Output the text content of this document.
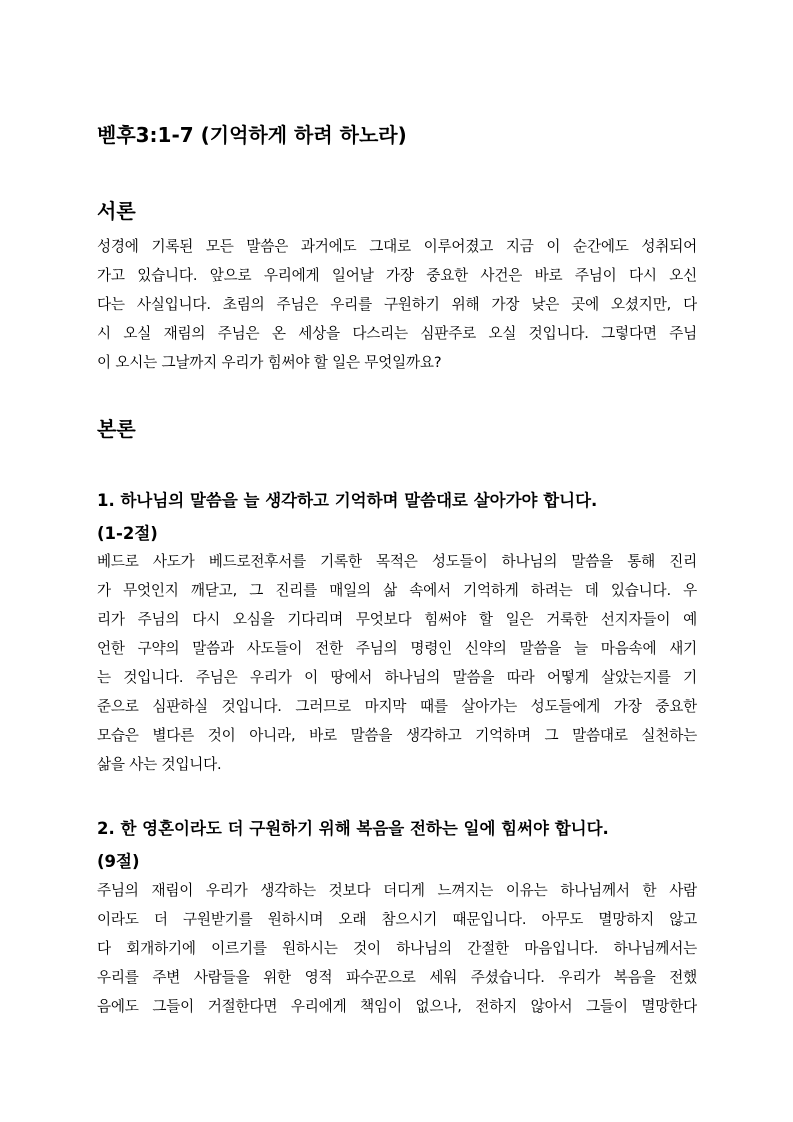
벧후3:1-7 (기억하게 하려 하노라)
서론
성경에 기록된 모든 말씀은 과거에도 그대로 이루어졌고 지금 이 순간에도 성취되어
가고 있습니다. 앞으로 우리에게 일어날 가장 중요한 사건은 바로 주님이 다시 오신
다는 사실입니다. 초림의 주님은 우리를 구원하기 위해 가장 낮은 곳에 오셨지만, 다
시 오실 재림의 주님은 온 세상을 다스리는 심판주로 오실 것입니다. 그렇다면 주님
이 오시는 그날까지 우리가 힘써야 할 일은 무엇일까요?
본론
1. 하나님의 말씀을 늘 생각하고 기억하며 말씀대로 살아가야 합니다.
(1-2절)
베드로 사도가 베드로전후서를 기록한 목적은 성도들이 하나님의 말씀을 통해 진리
가 무엇인지 깨닫고, 그 진리를 매일의 삶 속에서 기억하게 하려는 데 있습니다. 우
리가 주님의 다시 오심을 기다리며 무엇보다 힘써야 할 일은 거룩한 선지자들이 예
언한 구약의 말씀과 사도들이 전한 주님의 명령인 신약의 말씀을 늘 마음속에 새기
는 것입니다. 주님은 우리가 이 땅에서 하나님의 말씀을 따라 어떻게 살았는지를 기
준으로 심판하실 것입니다. 그러므로 마지막 때를 살아가는 성도들에게 가장 중요한
모습은 별다른 것이 아니라, 바로 말씀을 생각하고 기억하며 그 말씀대로 실천하는
삶을 사는 것입니다.
2. 한 영혼이라도 더 구원하기 위해 복음을 전하는 일에 힘써야 합니다.
(9절)
주님의 재림이 우리가 생각하는 것보다 더디게 느껴지는 이유는 하나님께서 한 사람
이라도 더 구원받기를 원하시며 오래 참으시기 때문입니다. 아무도 멸망하지 않고
다 회개하기에 이르기를 원하시는 것이 하나님의 간절한 마음입니다. 하나님께서는
우리를 주변 사람들을 위한 영적 파수꾼으로 세워 주셨습니다. 우리가 복음을 전했
음에도 그들이 거절한다면 우리에게 책임이 없으나, 전하지 않아서 그들이 멸망한다
